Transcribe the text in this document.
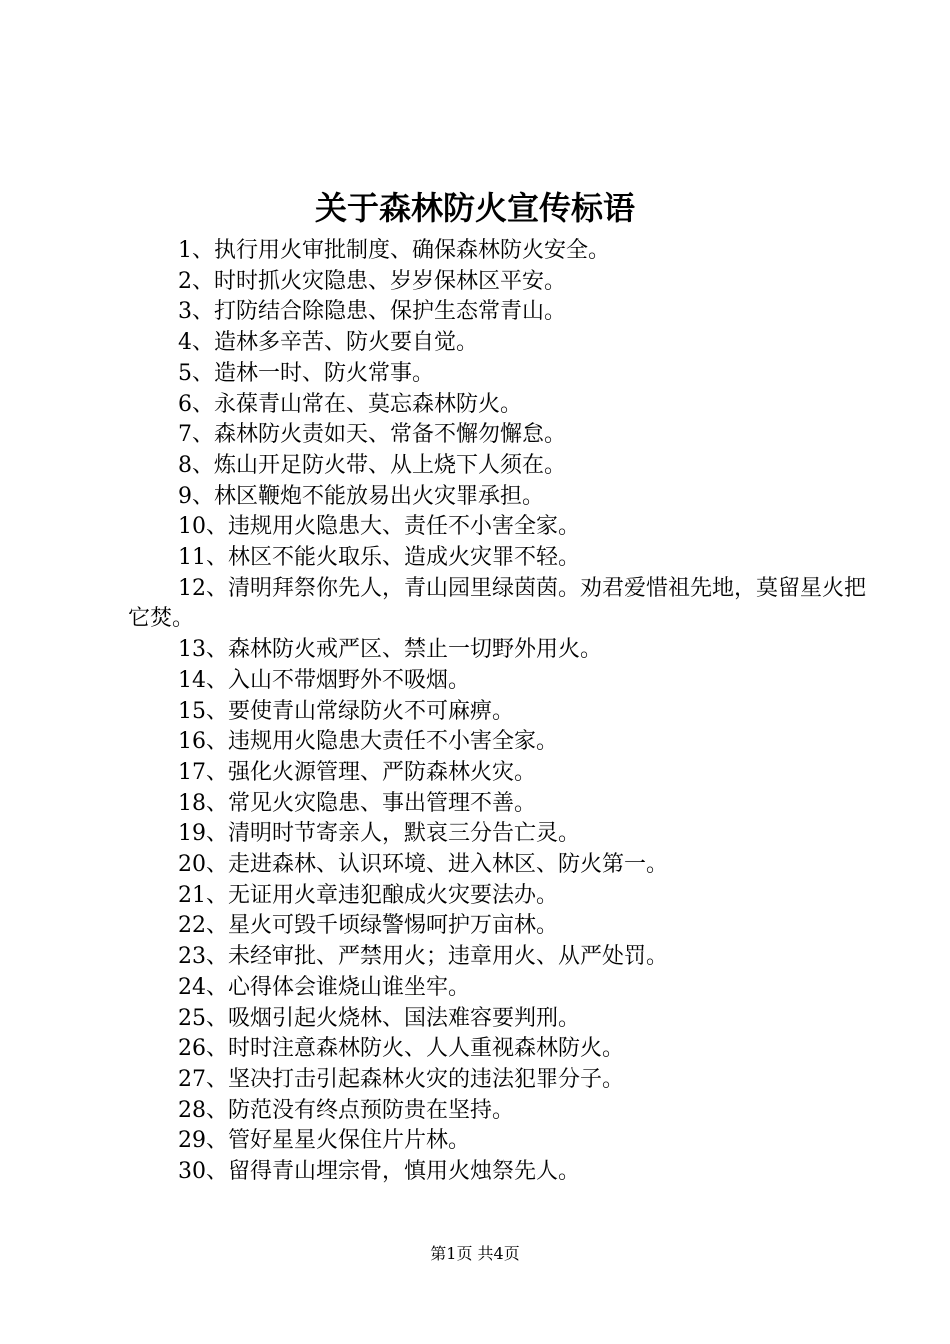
关于森林防火宣传标语
1、执行用火审批制度、确保森林防火安全。
2、时时抓火灾隐患、岁岁保林区平安。
3、打防结合除隐患、保护生态常青山。
4、造林多辛苦、防火要自觉。
5、造林一时、防火常事。
6、永葆青山常在、莫忘森林防火。
7、森林防火责如天、常备不懈勿懈怠。
8、炼山开足防火带、从上烧下人须在。
9、林区鞭炮不能放易出火灾罪承担。
10、违规用火隐患大、责任不小害全家。
11、林区不能火取乐、造成火灾罪不轻。
12、清明拜祭你先人，青山园里绿茵茵。劝君爱惜祖先地，莫留星火把它焚。
13、森林防火戒严区、禁止一切野外用火。
14、入山不带烟野外不吸烟。
15、要使青山常绿防火不可麻痹。
16、违规用火隐患大责任不小害全家。
17、强化火源管理、严防森林火灾。
18、常见火灾隐患、事出管理不善。
19、清明时节寄亲人，默哀三分告亡灵。
20、走进森林、认识环境、进入林区、防火第一。
21、无证用火章违犯酿成火灾要法办。
22、星火可毁千顷绿警惕呵护万亩林。
23、未经审批、严禁用火；违章用火、从严处罚。
24、心得体会谁烧山谁坐牢。
25、吸烟引起火烧林、国法难容要判刑。
26、时时注意森林防火、人人重视森林防火。
27、坚决打击引起森林火灾的违法犯罪分子。
28、防范没有终点预防贵在坚持。
29、管好星星火保住片片林。
30、留得青山埋宗骨，慎用火烛祭先人。
第1页 共4页
